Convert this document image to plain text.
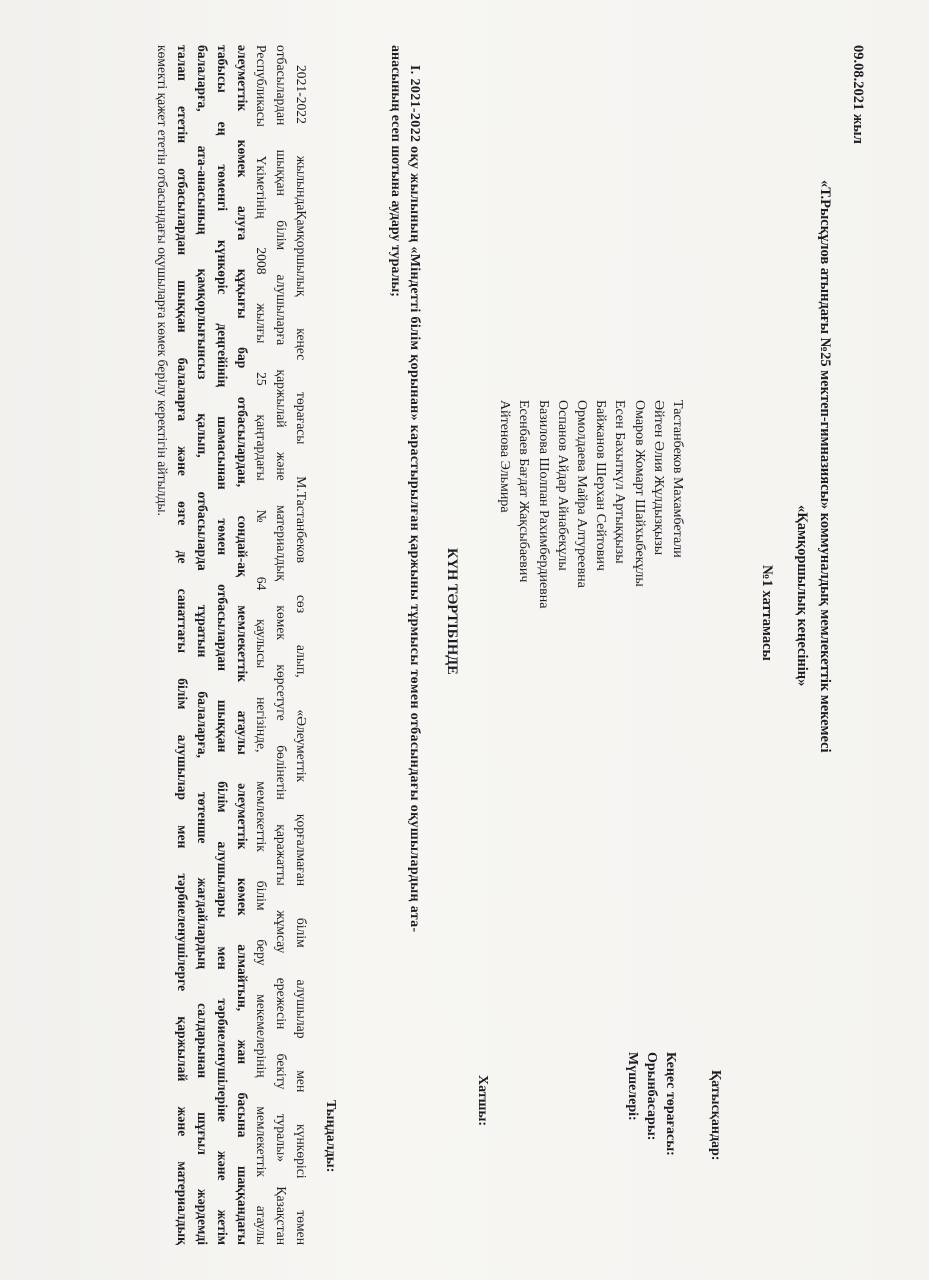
«Т.Рысқұлов атындағы №25 мектеп-гимназиясы» коммуналдық мемлекеттік мекемесі
09.08.2021 жыл
«Қамқоршылық кеңесінің»
№1 хаттамасы
Қатысқандар:
Кеңес төрағасы:
Орынбасары:
Мүшелері:
Хатшы:
Тастанбеков Махамбетали
Әйтен Әлия Жұлдызқызы
Омаров Жомарт Шайхыбекұлы
Есен Бахыткүл Артыққызы
Байжанов Шерхан Сейтович
Ормолдаева Майра Алтуреевна
Оспанов Айдар Айнабекұлы
Базилова Шолпан Рахимбердиевна
Есенбаев Бағдат Жақсыбаевич
Айтенова Эльмира
КҮН ТӘРТІБІНДЕ
І. 2021-2022 оқу жылының «Міндетті білім қорынан» карастырылған қаржыны тұрмысы төмен отбасындағы оқушылардың ата-
анасының есеп шотына аудару туралы;
Тыңдалды:
2021-2022 жылындаҚамқоршылық кеңес төрағасы М.Тастанбеков сөз алып, «Әлеуметтік қорғалмаған білім алушылар мен күнкөрісі төмен
отбасылардан шыққан білім алушыларға қаржылай және материалдық көмек көрсетуге бөлінетін қаражатты жұмсау ережесін бекіту туралы» Қазақстан
Республикасы Үкіметінің 2008 жылғы 25 қаңтардағы № 64 қаулысы негізінде, мемлекеттік білім беру мекемелерінің мемлекеттік атаулы
әлеуметтік көмек алуға құқығы бар отбасылардан, сондай-ақ мемлекеттік атаулы әлеуметтік көмек алмайтын, жан басына шаққандағы
табысы ең төменгі күнкөріс деңгейінің шамасынан төмен отбасылардан шыққан білім алушылары мен тәрбиеленушілеріне және жетім
балаларға, ата-анасының қамқорлығынсыз қалып, отбасыларда тұратын балаларға, төтенше жағдайлардың салдарынан шұғыл жәрдемді
талап ететін отбасылардан шыққан балаларға және өзге де санаттағы білім алушылар мен тәрбиеленушілерге қаржылай және материалдық
көмекті қажет ететін отбасындағы оқушыларға көмек берілу керектігін айтылды.
